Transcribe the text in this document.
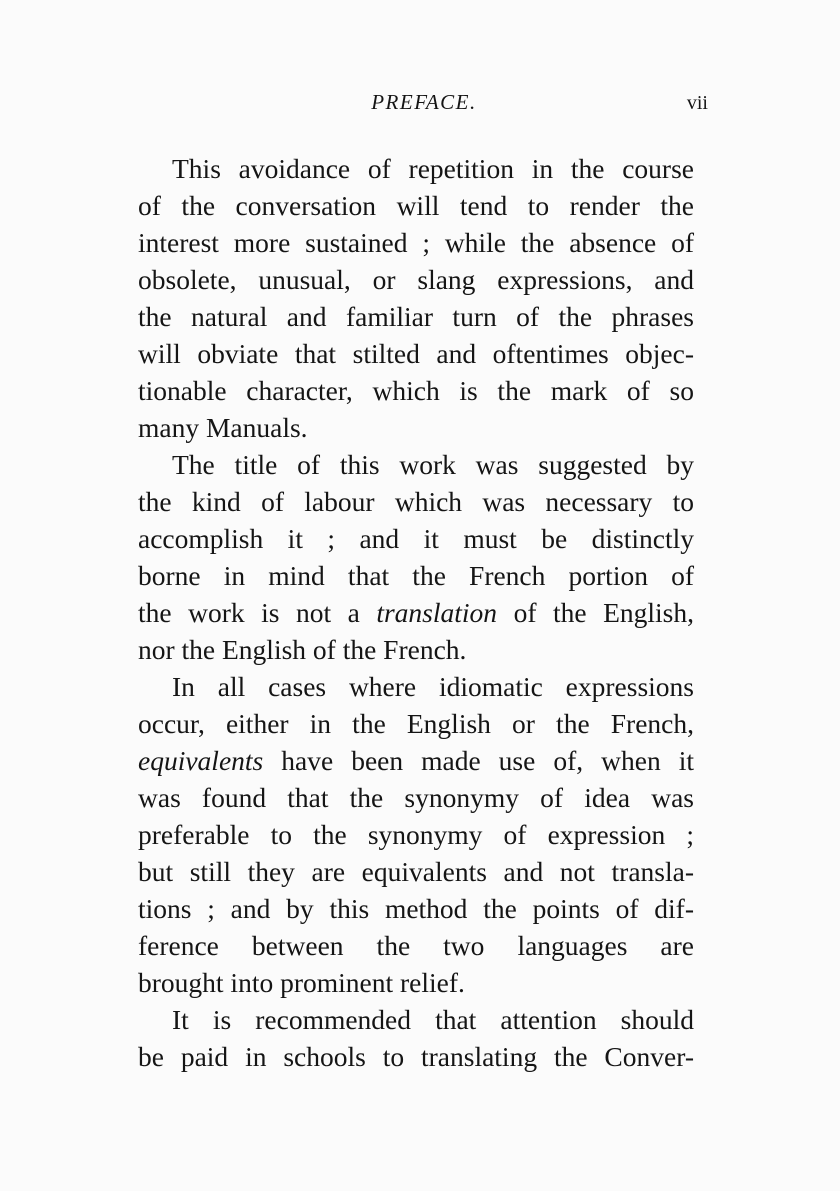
PREFACE.	vii
This avoidance of repetition in the course
of the conversation will tend to render the
interest more sustained ; while the absence of
obsolete, unusual, or slang expressions, and
the natural and familiar turn of the phrases
will obviate that stilted and oftentimes objec-
tionable character, which is the mark of so
many Manuals.
The title of this work was suggested by
the kind of labour which was necessary to
accomplish it ; and it must be distinctly
borne in mind that the French portion of
the work is not a translation of the English,
nor the English of the French.
In all cases where idiomatic expressions
occur, either in the English or the French,
equivalents have been made use of, when it
was found that the synonymy of idea was
preferable to the synonymy of expression ;
but still they are equivalents and not transla-
tions ; and by this method the points of dif-
ference between the two languages are
brought into prominent relief.
It is recommended that attention should
be paid in schools to translating the Conver-
